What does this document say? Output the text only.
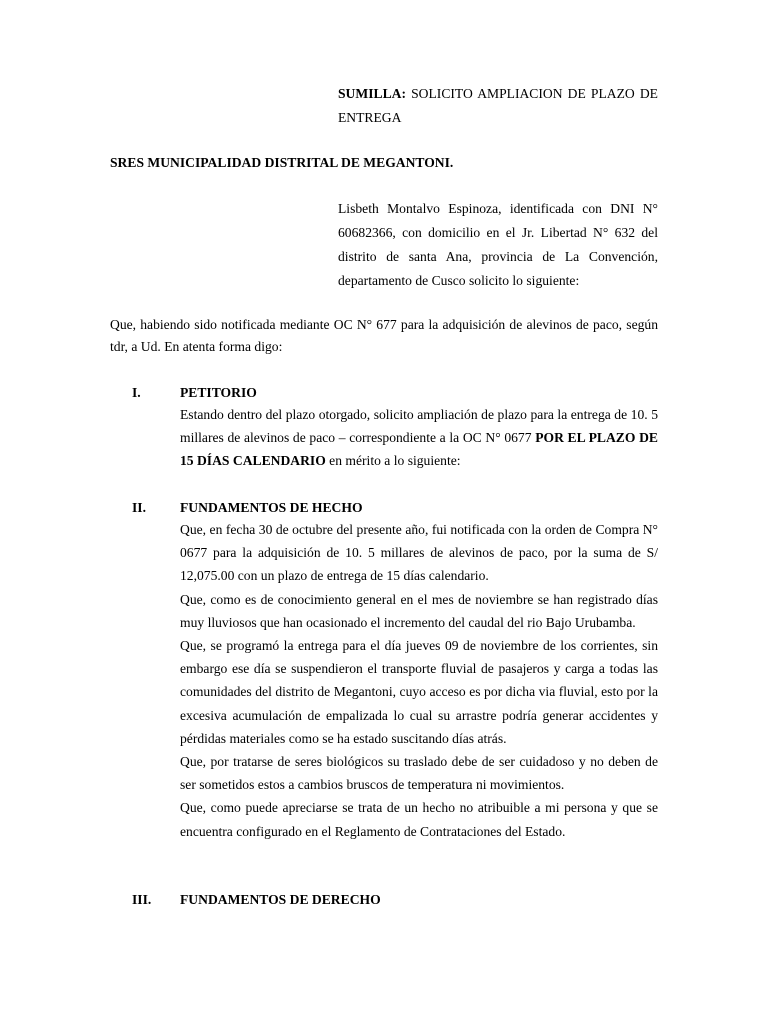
SUMILLA: SOLICITO AMPLIACION DE PLAZO DE ENTREGA
SRES MUNICIPALIDAD DISTRITAL DE MEGANTONI.
Lisbeth Montalvo Espinoza, identificada con DNI N° 60682366, con domicilio en el Jr. Libertad N° 632 del distrito de santa Ana, provincia de La Convención, departamento de Cusco solicito lo siguiente:
Que, habiendo sido notificada mediante OC N° 677 para la adquisición de alevinos de paco, según tdr, a Ud. En atenta forma digo:
I.	PETITORIO

Estando dentro del plazo otorgado, solicito ampliación de plazo para la entrega de 10. 5 millares de alevinos de paco – correspondiente a la OC N° 0677 POR EL PLAZO DE 15 DÍAS CALENDARIO en mérito a lo siguiente:

II.	FUNDAMENTOS DE HECHO

Que, en fecha 30 de octubre del presente año, fui notificada con la orden de Compra N° 0677 para la adquisición de 10. 5 millares de alevinos de paco, por la suma de S/ 12,075.00 con un plazo de entrega de 15 días calendario.

Que, como es de conocimiento general en el mes de noviembre se han registrado días muy lluviosos que han ocasionado el incremento del caudal del rio Bajo Urubamba.

Que, se programó la entrega para el día jueves 09 de noviembre de los corrientes, sin embargo ese día se suspendieron el transporte fluvial de pasajeros y carga a todas las comunidades del distrito de Megantoni, cuyo acceso es por dicha via fluvial, esto por la excesiva acumulación de empalizada lo cual su arrastre podría generar accidentes y pérdidas materiales como se ha estado suscitando días atrás.

Que, por tratarse de seres biológicos su traslado debe de ser cuidadoso y no deben de ser sometidos estos a cambios bruscos de temperatura ni movimientos.

Que, como puede apreciarse se trata de un hecho no atribuible a mi persona y que se encuentra configurado en el Reglamento de Contrataciones del Estado.

III. FUNDAMENTOS DE DERECHO
